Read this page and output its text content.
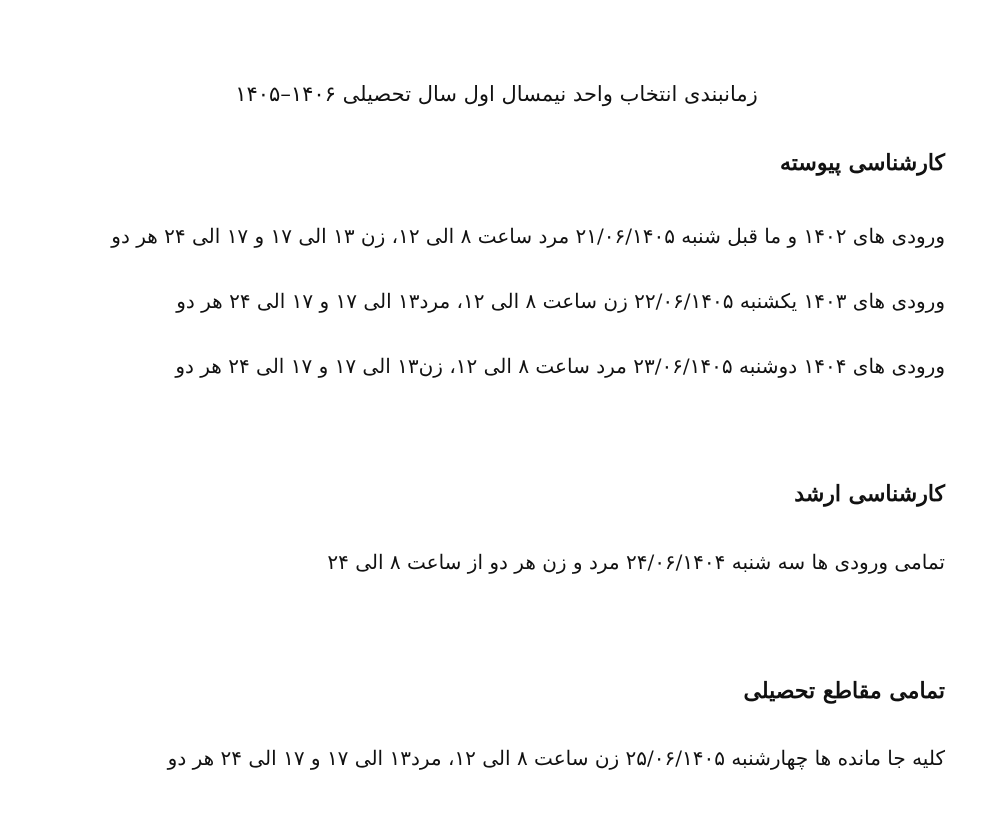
زمانبندی انتخاب واحد نیمسال اول سال تحصیلی ۱۴۰۶–۱۴۰۵
کارشناسی پیوسته
ورودی های ۱۴۰۲ و ما قبل شنبه ۲۱/۰۶/۱۴۰۵ مرد ساعت ۸ الی ۱۲، زن ۱۳ الی ۱۷ و ۱۷ الی ۲۴ هر دو
ورودی های ۱۴۰۳ یکشنبه ۲۲/۰۶/۱۴۰۵ زن ساعت ۸ الی ۱۲، مرد۱۳ الی ۱۷ و ۱۷ الی ۲۴ هر دو
ورودی های ۱۴۰۴ دوشنبه ۲۳/۰۶/۱۴۰۵ مرد ساعت ۸ الی ۱۲، زن۱۳ الی ۱۷ و ۱۷ الی ۲۴ هر دو
کارشناسی ارشد
تمامی ورودی ها سه شنبه ۲۴/۰۶/۱۴۰۴ مرد و زن هر دو از ساعت ۸ الی ۲۴
تمامی مقاطع تحصیلی
کلیه جا مانده ها چهارشنبه ۲۵/۰۶/۱۴۰۵ زن ساعت ۸ الی ۱۲، مرد۱۳ الی ۱۷ و ۱۷ الی ۲۴ هر دو
